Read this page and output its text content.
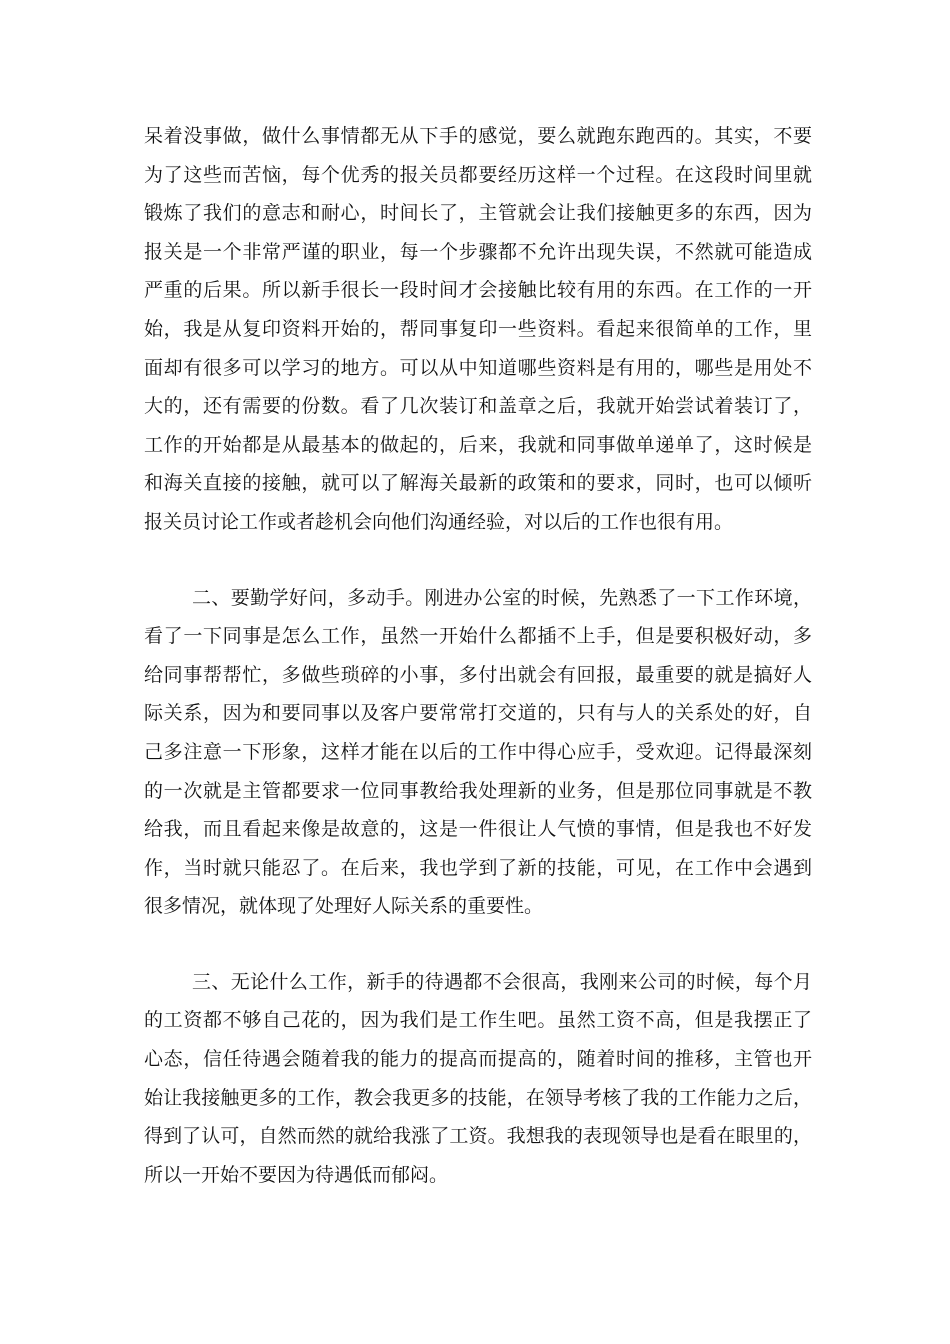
呆着没事做，做什么事情都无从下手的感觉，要么就跑东跑西的。其实，不要
为了这些而苦恼，每个优秀的报关员都要经历这样一个过程。在这段时间里就
锻炼了我们的意志和耐心，时间长了，主管就会让我们接触更多的东西，因为
报关是一个非常严谨的职业，每一个步骤都不允许出现失误，不然就可能造成
严重的后果。所以新手很长一段时间才会接触比较有用的东西。在工作的一开
始，我是从复印资料开始的，帮同事复印一些资料。看起来很简单的工作，里
面却有很多可以学习的地方。可以从中知道哪些资料是有用的，哪些是用处不
大的，还有需要的份数。看了几次装订和盖章之后，我就开始尝试着装订了，
工作的开始都是从最基本的做起的，后来，我就和同事做单递单了，这时候是
和海关直接的接触，就可以了解海关最新的政策和的要求，同时，也可以倾听
报关员讨论工作或者趁机会向他们沟通经验，对以后的工作也很有用。
二、要勤学好问，多动手。刚进办公室的时候，先熟悉了一下工作环境，
看了一下同事是怎么工作，虽然一开始什么都插不上手，但是要积极好动，多
给同事帮帮忙，多做些琐碎的小事，多付出就会有回报，最重要的就是搞好人
际关系，因为和要同事以及客户要常常打交道的，只有与人的关系处的好，自
己多注意一下形象，这样才能在以后的工作中得心应手，受欢迎。记得最深刻
的一次就是主管都要求一位同事教给我处理新的业务，但是那位同事就是不教
给我，而且看起来像是故意的，这是一件很让人气愤的事情，但是我也不好发
作，当时就只能忍了。在后来，我也学到了新的技能，可见，在工作中会遇到
很多情况，就体现了处理好人际关系的重要性。
三、无论什么工作，新手的待遇都不会很高，我刚来公司的时候，每个月
的工资都不够自己花的，因为我们是工作生吧。虽然工资不高，但是我摆正了
心态，信任待遇会随着我的能力的提高而提高的，随着时间的推移，主管也开
始让我接触更多的工作，教会我更多的技能，在领导考核了我的工作能力之后，
得到了认可，自然而然的就给我涨了工资。我想我的表现领导也是看在眼里的，
所以一开始不要因为待遇低而郁闷。
